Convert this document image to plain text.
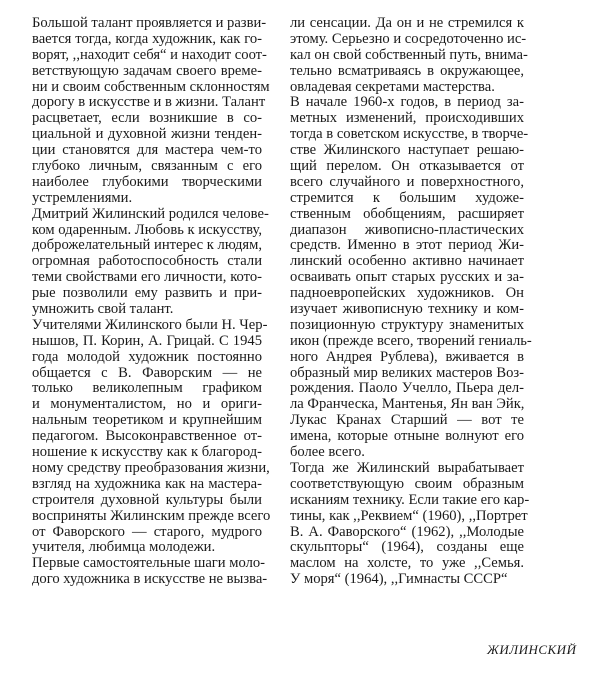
Большой талант проявляется и разви-
вается тогда, когда художник, как го-
ворят, ,,находит себя“ и находит соот-
ветствующую задачам своего време-
ни и своим собственным склонностям
дорогу в искусстве и в жизни. Талант
расцветает, если возникшие в со-
циальной и духовной жизни тенден-
ции становятся для мастера чем-то
глубоко личным, связанным с его
наиболее глубокими творческими
устремлениями.
Дмитрий Жилинский родился челове-
ком одаренным. Любовь к искусству,
доброжелательный интерес к людям,
огромная работоспособность стали
теми свойствами его личности, кото-
рые позволили ему развить и при-
умножить свой талант.
Учителями Жилинского были Н. Чер-
нышов, П. Корин, А. Грицай. С 1945
года молодой художник постоянно
общается с В. Фаворским — не
только великолепным графиком
и монументалистом, но и ориги-
нальным теоретиком и крупнейшим
педагогом. Высоконравственное от-
ношение к искусству как к благород-
ному средству преобразования жизни,
взгляд на художника как на мастера-
строителя духовной культуры были
восприняты Жилинским прежде всего
от Фаворского — старого, мудрого
учителя, любимца молодежи.
Первые самостоятельные шаги моло-
дого художника в искусстве не вызва-
ли сенсации. Да он и не стремился к
этому. Серьезно и сосредоточенно ис-
кал он свой собственный путь, внима-
тельно всматриваясь в окружающее,
овладевая секретами мастерства.
В начале 1960-х годов, в период за-
метных изменений, происходивших
тогда в советском искусстве, в творче-
стве Жилинского наступает решаю-
щий перелом. Он отказывается от
всего случайного и поверхностного,
стремится к большим художе-
ственным обобщениям, расширяет
диапазон живописно-пластических
средств. Именно в этот период Жи-
линский особенно активно начинает
осваивать опыт старых русских и за-
падноевропейских художников. Он
изучает живописную технику и ком-
позиционную структуру знаменитых
икон (прежде всего, творений гениаль-
ного Андрея Рублева), вживается в
образный мир великих мастеров Воз-
рождения. Паоло Учелло, Пьера дел-
ла Франческа, Мантенья, Ян ван Эйк,
Лукас Кранах Старший — вот те
имена, которые отныне волнуют его
более всего.
Тогда же Жилинский вырабатывает
соответствующую своим образным
исканиям технику. Если такие его кар-
тины, как ,,Реквием“ (1960), ,,Портрет
В. А. Фаворского“ (1962), ,,Молодые
скульпторы“ (1964), созданы еще
маслом на холсте, то уже ,,Семья.
У моря“ (1964), ,,Гимнасты СССР“
ЖИЛИНСКИЙ
